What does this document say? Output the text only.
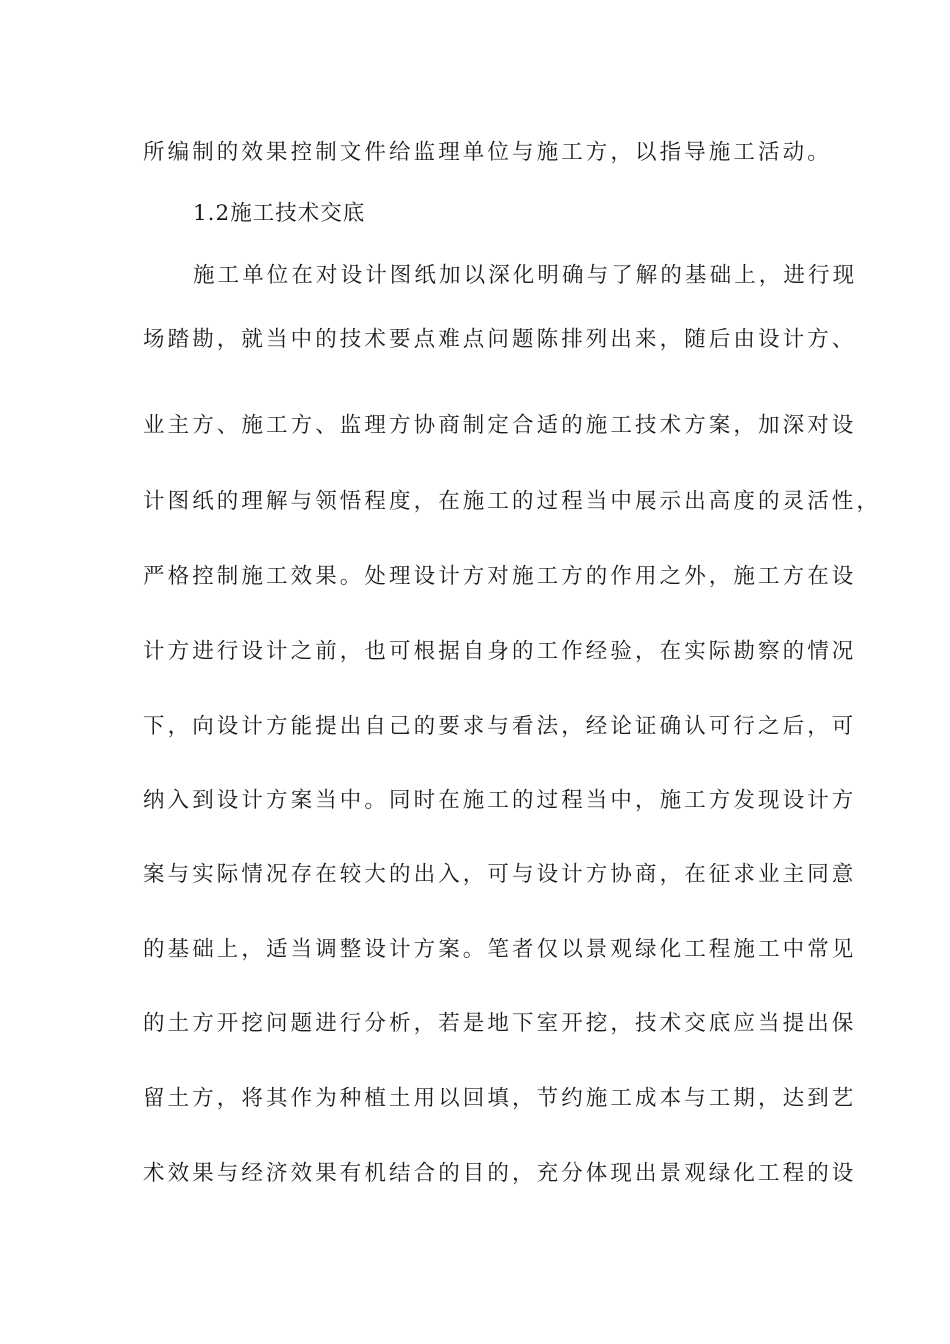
所编制的效果控制文件给监理单位与施工方，以指导施工活动。
1.2施工技术交底
施工单位在对设计图纸加以深化明确与了解的基础上，进行现
场踏勘，就当中的技术要点难点问题陈排列出来，随后由设计方、
业主方、施工方、监理方协商制定合适的施工技术方案，加深对设
计图纸的理解与领悟程度，在施工的过程当中展示出高度的灵活性，
严格控制施工效果。处理设计方对施工方的作用之外，施工方在设
计方进行设计之前，也可根据自身的工作经验，在实际勘察的情况
下，向设计方能提出自己的要求与看法，经论证确认可行之后，可
纳入到设计方案当中。同时在施工的过程当中，施工方发现设计方
案与实际情况存在较大的出入，可与设计方协商，在征求业主同意
的基础上，适当调整设计方案。笔者仅以景观绿化工程施工中常见
的土方开挖问题进行分析，若是地下室开挖，技术交底应当提出保
留土方，将其作为种植土用以回填，节约施工成本与工期，达到艺
术效果与经济效果有机结合的目的，充分体现出景观绿化工程的设
